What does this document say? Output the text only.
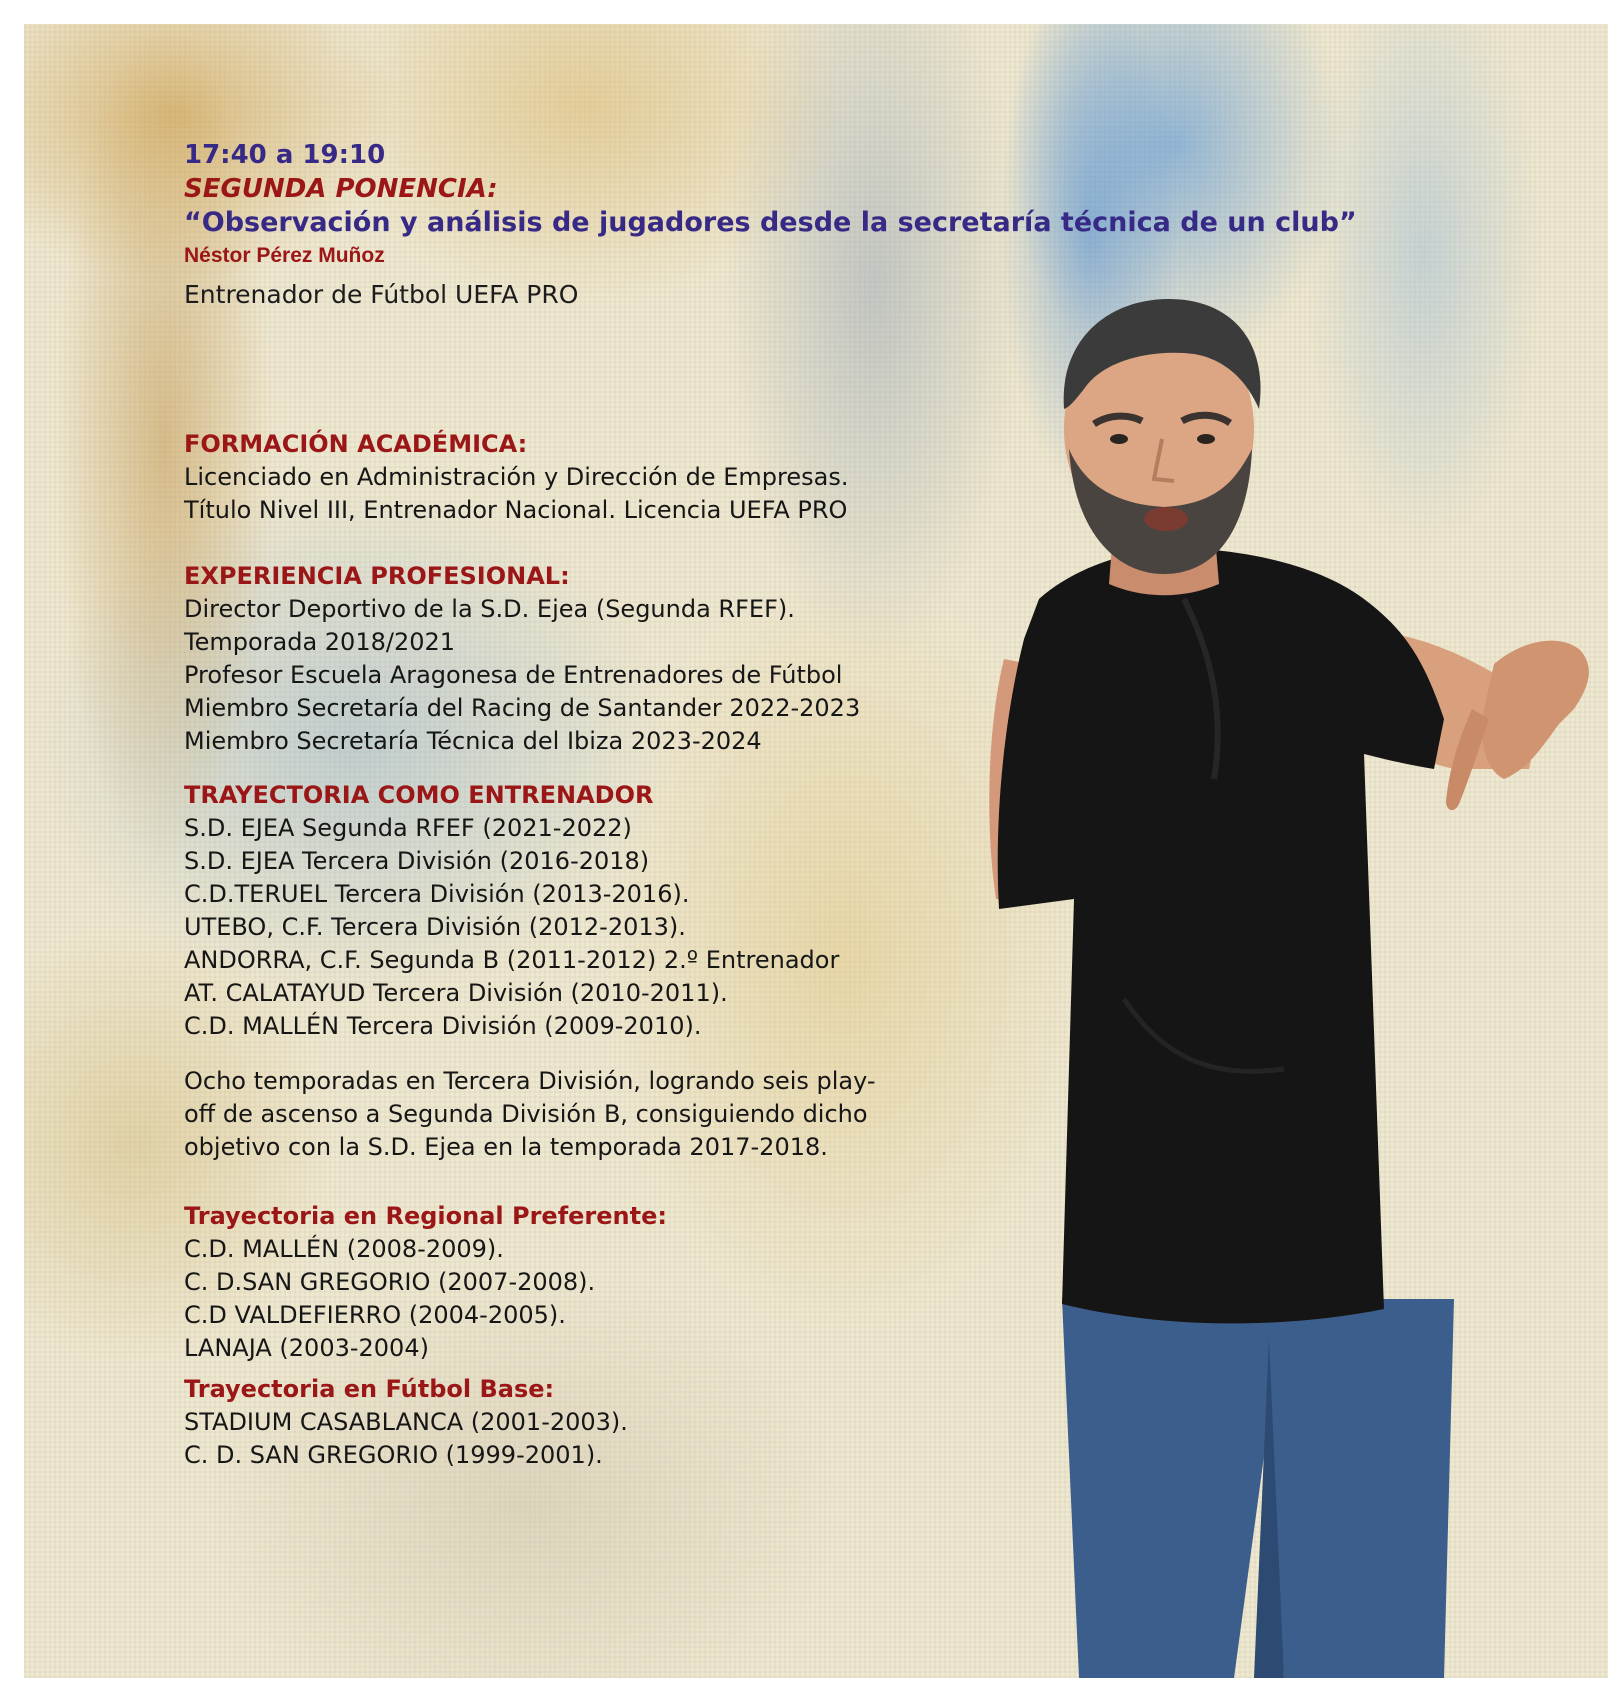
17:40 a 19:10
SEGUNDA PONENCIA:
“Observación y análisis de jugadores desde la secretaría técnica de un club”
Néstor Pérez Muñoz
Entrenador de Fútbol UEFA PRO
FORMACIÓN ACADÉMICA:
Licenciado en Administración y Dirección de Empresas.
Título Nivel III, Entrenador Nacional. Licencia UEFA PRO
EXPERIENCIA PROFESIONAL:
Director Deportivo de la S.D. Ejea (Segunda RFEF).
Temporada 2018/2021
Profesor Escuela Aragonesa de Entrenadores de Fútbol
Miembro Secretaría del Racing de Santander 2022-2023
Miembro Secretaría Técnica del Ibiza 2023-2024
TRAYECTORIA COMO ENTRENADOR
S.D. EJEA Segunda RFEF (2021-2022)
S.D. EJEA Tercera División (2016-2018)
C.D.TERUEL Tercera División (2013-2016).
UTEBO, C.F. Tercera División (2012-2013).
ANDORRA, C.F. Segunda B (2011-2012) 2.º Entrenador
AT. CALATAYUD Tercera División (2010-2011).
C.D. MALLÉN Tercera División (2009-2010).
Ocho temporadas en Tercera División, logrando seis play-
off de ascenso a Segunda División B, consiguiendo dicho
objetivo con la S.D. Ejea en la temporada 2017-2018.
Trayectoria en Regional Preferente:
C.D. MALLÉN (2008-2009).
C. D.SAN GREGORIO (2007-2008).
C.D VALDEFIERRO (2004-2005).
LANAJA (2003-2004)
Trayectoria en Fútbol Base:
STADIUM CASABLANCA (2001-2003).
C. D. SAN GREGORIO (1999-2001).
